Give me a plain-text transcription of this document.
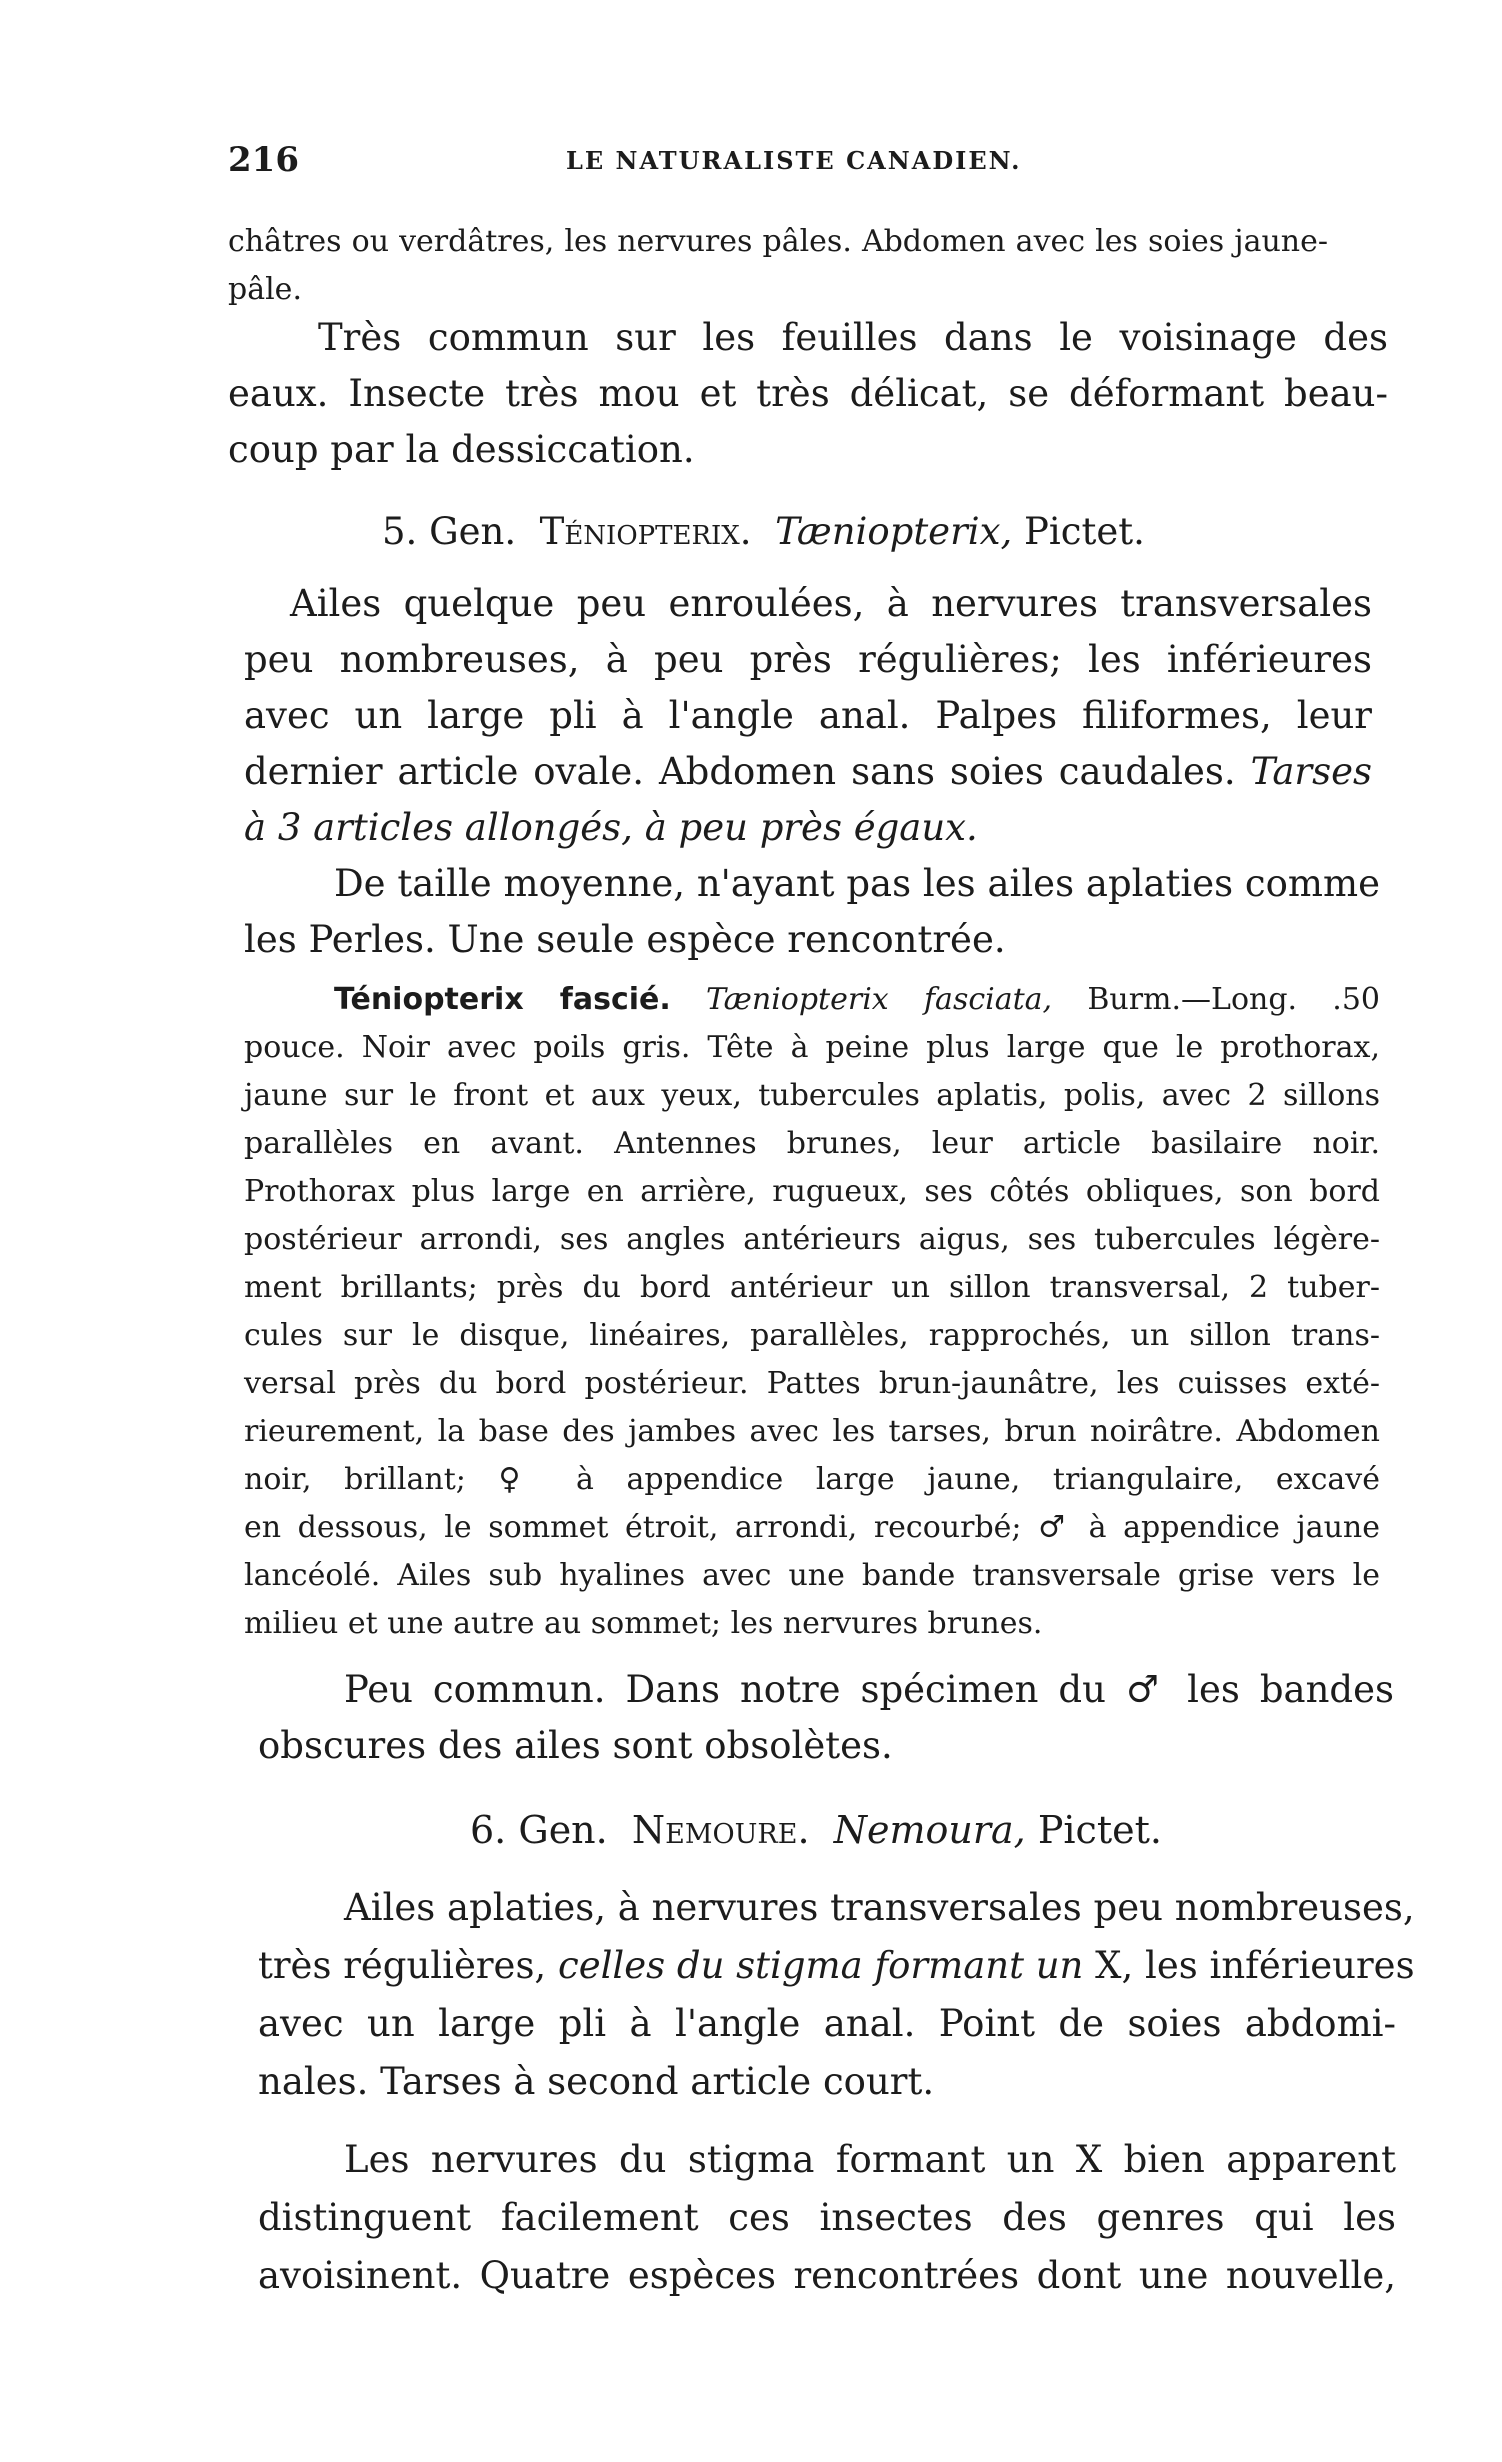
216	LE NATURALISTE CANADIEN.
châtres ou verdâtres, les nervures pâles. Abdomen avec les soies jaune-
pâle.
Très commun sur les feuilles dans le voisinage des
eaux. Insecte très mou et très délicat, se déformant beau-
coup par la dessiccation.
5. Gen. Téniopterix. Tæniopterix, Pictet.
Ailes quelque peu enroulées, à nervures transversales
peu nombreuses, à peu près régulières; les inférieures
avec un large pli à l'angle anal. Palpes filiformes, leur
dernier article ovale. Abdomen sans soies caudales. Tarses
à 3 articles allongés, à peu près égaux.
De taille moyenne, n'ayant pas les ailes aplaties comme
les Perles. Une seule espèce rencontrée.
Téniopterix fascié. Tæniopterix fasciata, Burm.—Long. .50
pouce. Noir avec poils gris. Tête à peine plus large que le prothorax,
jaune sur le front et aux yeux, tubercules aplatis, polis, avec 2 sillons
parallèles en avant. Antennes brunes, leur article basilaire noir.
Prothorax plus large en arrière, rugueux, ses côtés obliques, son bord
postérieur arrondi, ses angles antérieurs aigus, ses tubercules légère-
ment brillants; près du bord antérieur un sillon transversal, 2 tuber-
cules sur le disque, linéaires, parallèles, rapprochés, un sillon trans-
versal près du bord postérieur. Pattes brun-jaunâtre, les cuisses exté-
rieurement, la base des jambes avec les tarses, brun noirâtre. Abdomen
noir, brillant; ♀ à appendice large jaune, triangulaire, excavé
en dessous, le sommet étroit, arrondi, recourbé; ♂ à appendice jaune
lancéolé. Ailes sub hyalines avec une bande transversale grise vers le
milieu et une autre au sommet; les nervures brunes.
Peu commun. Dans notre spécimen du ♂ les bandes
obscures des ailes sont obsolètes.
6. Gen. Nemoure. Nemoura, Pictet.
Ailes aplaties, à nervures transversales peu nombreuses,
très régulières, celles du stigma formant un X, les inférieures
avec un large pli à l'angle anal. Point de soies abdomi-
nales. Tarses à second article court.
Les nervures du stigma formant un X bien apparent
distinguent facilement ces insectes des genres qui les
avoisinent. Quatre espèces rencontrées dont une nouvelle,
